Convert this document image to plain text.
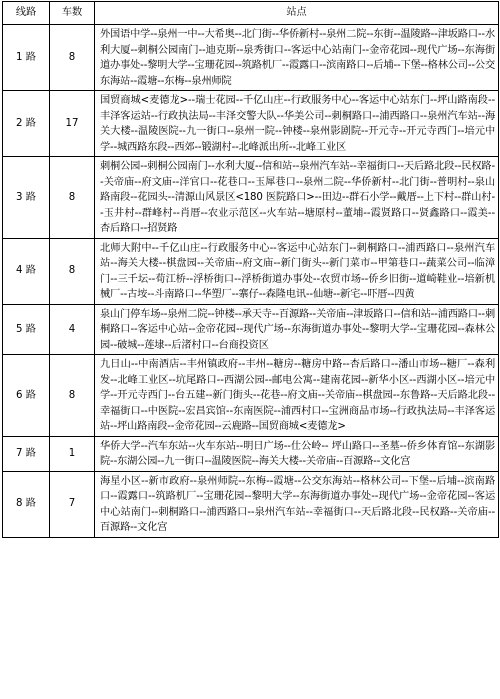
线路	车数	站点
1 路	8	外国语中学--泉州一中--大希奥--北门街--华侨新村--泉州二院--东街--温陵路--津坂路口--水利大厦--刺桐公园南门--迪克斯--泉秀街口--客运中心站南门--金帝花园--现代广场--东海街道办事处--黎明大学--宝珊花园--筑路机厂--霞露口--滨南路口--后埔--下堡--格林公司--公交东海站--霞塘--东梅--泉州师院
2 路	17	国贸商城<麦德龙>--瑞士花园--千亿山庄--行政服务中心--客运中心站东门--坪山路南段--丰泽客运站--行政执法局--丰泽交警大队--华美公司--刺桐路口--浦西路口--泉州汽车站--海关大楼--温陵医院--九一街口--泉州一院--钟楼--泉州影剧院--开元寺--开元寺西门--培元中学--城西路东段--西郊--锻湖村--北峰派出所--北峰工业区
3 路	8	刺桐公园--刺桐公园南门--水利大厦--信和站--泉州汽车站--幸福街口--天后路北段--民权路--关帝庙--府文庙--洋官口--花巷口--玉犀巷口--泉州二院--华侨新村--北门街--普明村--泉山路南段--花园头--清源山风景区<180 医院路口>--田边--群石小学--戴厝--上下村--群山村--玉井村--群峰村--肖厝--农业示范区--火车站--塘原村--董埔--霞贤路口--贤鑫路口--霞美--杏后路口--招贤路
4 路	8	北师大附中--千亿山庄--行政服务中心--客运中心站东门--刺桐路口--浦西路口--泉州汽车站--海关大楼--棋盘园--关帝庙--府文庙--新门街头--新门菜市--甲第巷口--蔬菜公司--临漳门--三千坛--荀江桥--浮桥街口--浮桥街道办事处--农贸市场--侨乡旧街--道崎鞋业--培新机械厂--古垵--斗南路口--华塑厂--寨仔--森隆电讯--仙塘--新宅--吓厝--四黄
5 路	4	泉山门停车场--泉州二院--钟楼--承天寺--百源路--关帝庙--津坂路口--信和站--浦西路口--刺桐路口--客运中心站--金帝花园--现代广场--东海街道办事处--黎明大学--宝珊花园--森林公园--破城--莲埭--后渚村口--台商投资区
6 路	8	九日山--中南酒店--丰州镇政府--丰州--糖房--糖房中路--杏后路口--潘山市场--糖厂--森利发--北峰工业区--坑尾路口--西湖公园--邮电公寓--建南花园--新华小区--西湖小区--培元中学--开元寺西门--台五建--新门街头--花巷--府文庙--关帝庙--棋盘园--东鲁路--天后路北段--幸福街口--中医院--宏昌宾馆--东南医院--浦西村口--宝洲商品市场--行政执法局--丰泽客运站--坪山路南段--金帝花园--云鹿路--国贸商城<麦德龙>
7 路	1	华侨大学--汽车东站--火车东站--明日广场--仕公岭-- 坪山路口--圣墓--侨乡体育馆--东湖影院--东湖公园--九一街口--温陵医院--海关大楼--关帝庙--百源路--文化宫
8 路	7	海星小区--新市政府--泉州师院--东梅--霞塘--公交东海站--格林公司--下堡--后埔--滨南路口--霞露口--筑路机厂--宝珊花园--黎明大学--东海街道办事处--现代广场--金帝花园--客运中心站南门--刺桐路口--浦西路口--泉州汽车站--幸福街口--天后路北段--民权路--关帝庙--百源路--文化宫
